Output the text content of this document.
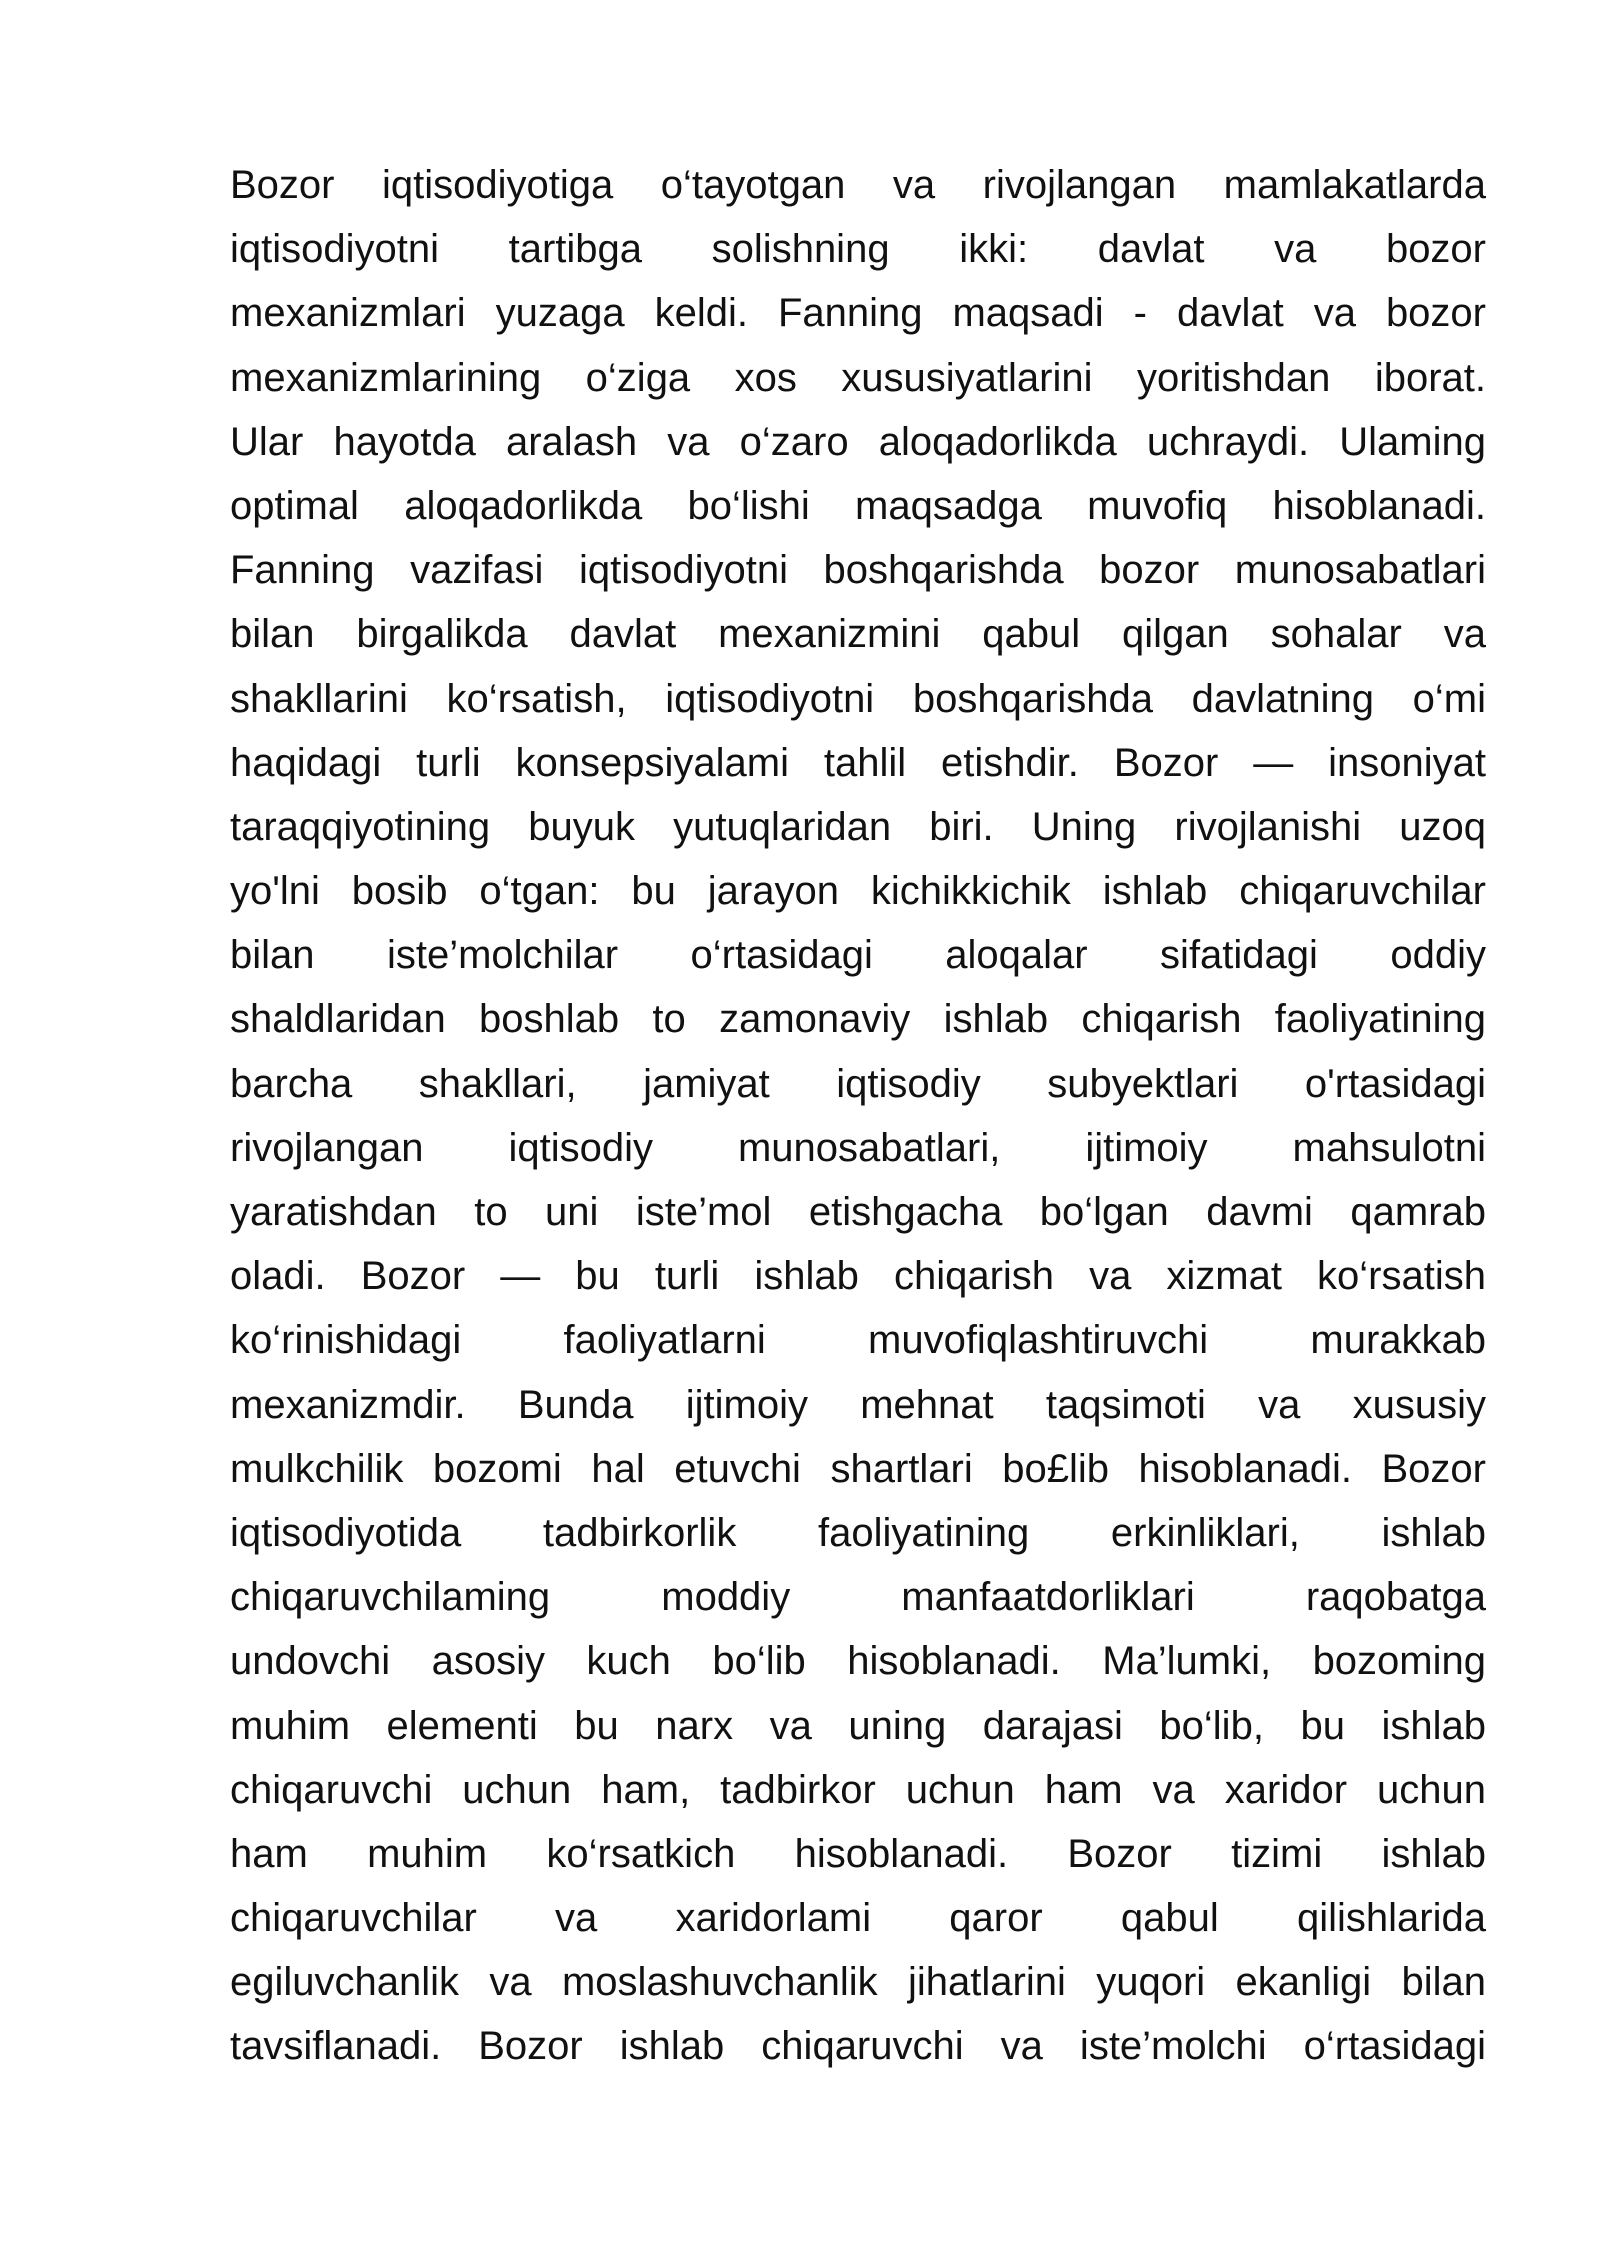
Bozor iqtisodiyotiga o‘tayotgan va rivojlangan mamlakatlarda
iqtisodiyotni tartibga solishning ikki: davlat va bozor
mexanizmlari yuzaga keldi. Fanning maqsadi - davlat va bozor
mexanizmlarining o‘ziga xos xususiyatlarini yoritishdan iborat.
Ular hayotda aralash va o‘zaro aloqadorlikda uchraydi. Ulaming
optimal aloqadorlikda bo‘lishi maqsadga muvofiq hisoblanadi.
Fanning vazifasi iqtisodiyotni boshqarishda bozor munosabatlari
bilan birgalikda davlat mexanizmini qabul qilgan sohalar va
shakllarini ko‘rsatish, iqtisodiyotni boshqarishda davlatning o‘mi
haqidagi turli konsepsiyalami tahlil etishdir. Bozor — insoniyat
taraqqiyotining buyuk yutuqlaridan biri. Uning rivojlanishi uzoq
yo'lni bosib o‘tgan: bu jarayon kichikkichik ishlab chiqaruvchilar
bilan iste’molchilar o‘rtasidagi aloqalar sifatidagi oddiy
shaldlaridan boshlab to zamonaviy ishlab chiqarish faoliyatining
barcha shakllari, jamiyat iqtisodiy subyektlari o'rtasidagi
rivojlangan iqtisodiy munosabatlari, ijtimoiy mahsulotni
yaratishdan to uni iste’mol etishgacha bo‘lgan davmi qamrab
oladi. Bozor — bu turli ishlab chiqarish va xizmat ko‘rsatish
ko‘rinishidagi faoliyatlarni muvofiqlashtiruvchi murakkab
mexanizmdir. Bunda ijtimoiy mehnat taqsimoti va xususiy
mulkchilik bozomi hal etuvchi shartlari bo£lib hisoblanadi. Bozor
iqtisodiyotida tadbirkorlik faoliyatining erkinliklari, ishlab
chiqaruvchilaming moddiy manfaatdorliklari raqobatga
undovchi asosiy kuch bo‘lib hisoblanadi. Ma’lumki, bozoming
muhim elementi bu narx va uning darajasi bo‘lib, bu ishlab
chiqaruvchi uchun ham, tadbirkor uchun ham va xaridor uchun
ham muhim ko‘rsatkich hisoblanadi. Bozor tizimi ishlab
chiqaruvchilar va xaridorlami qaror qabul qilishlarida
egiluvchanlik va moslashuvchanlik jihatlarini yuqori ekanligi bilan
tavsiflanadi. Bozor ishlab chiqaruvchi va iste’molchi o‘rtasidagi
